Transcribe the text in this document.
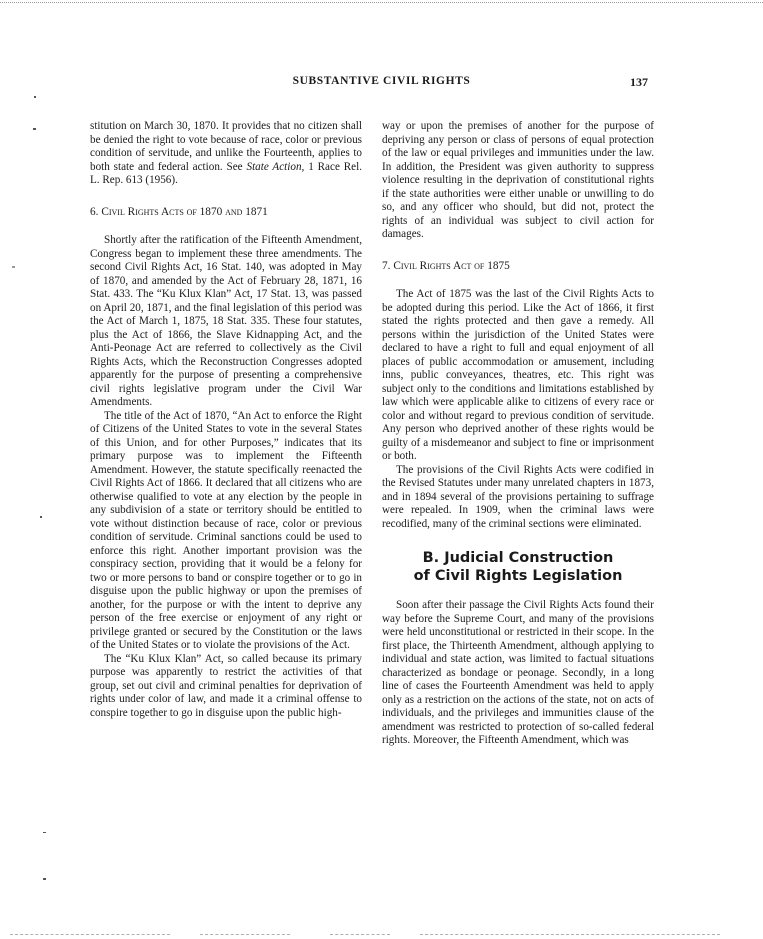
SUBSTANTIVE CIVIL RIGHTS	137

stitution on March 30, 1870. It provides that no citizen shall be denied the right to vote because of race, color or previous condition of servitude, and unlike the Fourteenth, applies to both state and federal action. See State Action, 1 Race Rel. L. Rep. 613 (1956).

6. Civil Rights Acts of 1870 and 1871

Shortly after the ratification of the Fifteenth Amendment, Congress began to implement these three amendments. The second Civil Rights Act, 16 Stat. 140, was adopted in May of 1870, and amended by the Act of February 28, 1871, 16 Stat. 433. The “Ku Klux Klan” Act, 17 Stat. 13, was passed on April 20, 1871, and the final legislation of this period was the Act of March 1, 1875, 18 Stat. 335. These four statutes, plus the Act of 1866, the Slave Kidnapping Act, and the Anti-Peonage Act are referred to collectively as the Civil Rights Acts, which the Reconstruction Congresses adopted apparently for the purpose of presenting a comprehensive civil rights legislative program under the Civil War Amendments.

The title of the Act of 1870, “An Act to enforce the Right of Citizens of the United States to vote in the several States of this Union, and for other Purposes,” indicates that its primary purpose was to implement the Fifteenth Amendment. However, the statute specifically reenacted the Civil Rights Act of 1866. It declared that all citizens who are otherwise qualified to vote at any election by the people in any subdivision of a state or territory should be entitled to vote without distinction because of race, color or previous condition of servitude. Criminal sanctions could be used to enforce this right. Another important provision was the conspiracy section, providing that it would be a felony for two or more persons to band or conspire together or to go in disguise upon the public highway or upon the premises of another, for the purpose or with the intent to deprive any person of the free exercise or enjoyment of any right or privilege granted or secured by the Constitution or the laws of the United States or to violate the provisions of the Act.

The “Ku Klux Klan” Act, so called because its primary purpose was apparently to restrict the activities of that group, set out civil and criminal penalties for deprivation of rights under color of law, and made it a criminal offense to conspire together to go in disguise upon the public high-

way or upon the premises of another for the purpose of depriving any person or class of persons of equal protection of the law or equal privileges and immunities under the law. In addition, the President was given authority to suppress violence resulting in the deprivation of constitutional rights if the state authorities were either unable or unwilling to do so, and any officer who should, but did not, protect the rights of an individual was subject to civil action for damages.

7. Civil Rights Act of 1875

The Act of 1875 was the last of the Civil Rights Acts to be adopted during this period. Like the Act of 1866, it first stated the rights protected and then gave a remedy. All persons within the jurisdiction of the United States were declared to have a right to full and equal enjoyment of all places of public accommodation or amusement, including inns, public conveyances, theatres, etc. This right was subject only to the conditions and limitations established by law which were applicable alike to citizens of every race or color and without regard to previous condition of servitude. Any person who deprived another of these rights would be guilty of a misdemeanor and subject to fine or imprisonment or both.

The provisions of the Civil Rights Acts were codified in the Revised Statutes under many unrelated chapters in 1873, and in 1894 several of the provisions pertaining to suffrage were repealed. In 1909, when the criminal laws were recodified, many of the criminal sections were eliminated.

B. Judicial Construction
of Civil Rights Legislation

Soon after their passage the Civil Rights Acts found their way before the Supreme Court, and many of the provisions were held unconstitutional or restricted in their scope. In the first place, the Thirteenth Amendment, although applying to individual and state action, was limited to factual situations characterized as bondage or peonage. Secondly, in a long line of cases the Fourteenth Amendment was held to apply only as a restriction on the actions of the state, not on acts of individuals, and the privileges and immunities clause of the amendment was restricted to protection of so-called federal rights. Moreover, the Fifteenth Amendment, which was
